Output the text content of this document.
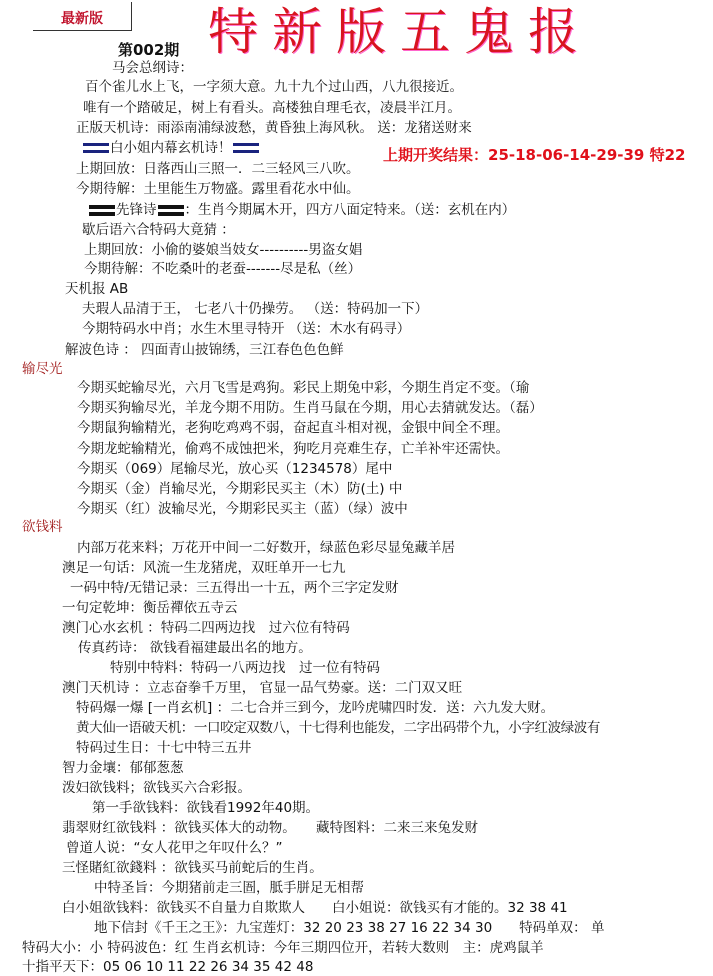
最新版 特新版五鬼报
第002期
上期开奖结果：25-18-06-14-29-39 特22
马会总纲诗：
百个雀儿水上飞，一字须大意。九十九个过山西，八九很接近。
唯有一个踏破足，树上有看头。高楼独自理毛衣，凌晨半江月。
正版天机诗：雨添南浦绿波愁，黄昏独上海风秋。 送：龙猪送财来
白小姐内幕玄机诗！
上期回放：日落西山三照一．二三轻风三八吹。
今期待解：土里能生万物盛。露里看花水中仙。
先锋诗 ：生肖今期属木开，四方八面定特来。（送：玄机在内）
歇后语六合特码大竟猜 ：
上期回放：小偷的婆娘当妓女----------男盗女娼
今期待解：不吃桑叶的老蚕-------尽是私（丝）
天机报 AB
夫瑕人品清于王， 七老八十仍操劳。 （送：特码加一下）
今期特码水中肖；水生木里寻特开 （送：木水有码寻）
解波色诗 ： 四面青山披锦绣，三江春色色色鲜
输尽光
今期买蛇输尽光，六月飞雪是鸡狗。彩民上期兔中彩，今期生肖定不变。（瑜
今期买狗输尽光，羊龙今期不用防。生肖马鼠在今期，用心去猜就发达。（磊）
今期鼠狗输精光，老狗吃鸡鸡不弱，奋起直斗相对视，金银中间全不理。
今期龙蛇输精光，偷鸡不成蚀把米，狗吃月亮难生存，亡羊补牢还需快。
今期买（069）尾输尽光，放心买（1234578）尾中
今期买（金）肖输尽光，今期彩民买主（木）防(土) 中
今期买（红）波输尽光，今期彩民买主（蓝）（绿）波中
欲钱料
内部万花来料；万花开中间一二好数开，绿蓝色彩尽显兔藏羊居
澳足一句话：风流一生龙猪虎，双旺单开一七九
一码中特/无错记录：三五得出一十五，两个三字定发财
一句定乾坤：衡岳禪依五寺云
澳门心水玄机 ：特码二四两边找　过六位有特码
传真药诗： 欲钱看福建最出名的地方。
特别中特料：特码一八两边找　过一位有特码
澳门天机诗 ：立志奋拳千万里， 官显一品气势豪。送：二门双又旺
特码爆一爆 [一肖玄机] ：二七合并三到今，龙吟虎啸四时发．送：六九发大财。
黄大仙一语破天机：一口咬定双数八，十七得利也能发，二字出码带个九，小字红波绿波有
特码过生日：十七中特三五井
智力金壤：郁郁葱葱
泼妇欲钱料；欲钱买六合彩报。
第一手欲钱料：欲钱看1992年40期。
翡翠财红欲钱料 ：欲钱买体大的动物。　　藏特图料：二来三来兔发财
曾道人说：“女人花甲之年叹什么？”
三怪賭紅欲錢料 ：欲钱买马前蛇后的生肖。
中特圣旨：今期猪前走三圄，胝手胼足无相帮
白小姐欲钱料：欲钱买不自量力自欺欺人　　白小姐说：欲钱买有才能的。32 38 41
地下信封《千王之王》：九宝莲灯：32 20 23 38 27 16 22 34 30　　特码单双： 单
特码大小：小 特码波色：红 生肖玄机诗：今年三期四位开，若转大数则　主：虎鸡鼠羊
十指平天下：05 06 10 11 22 26 34 35 42 48
